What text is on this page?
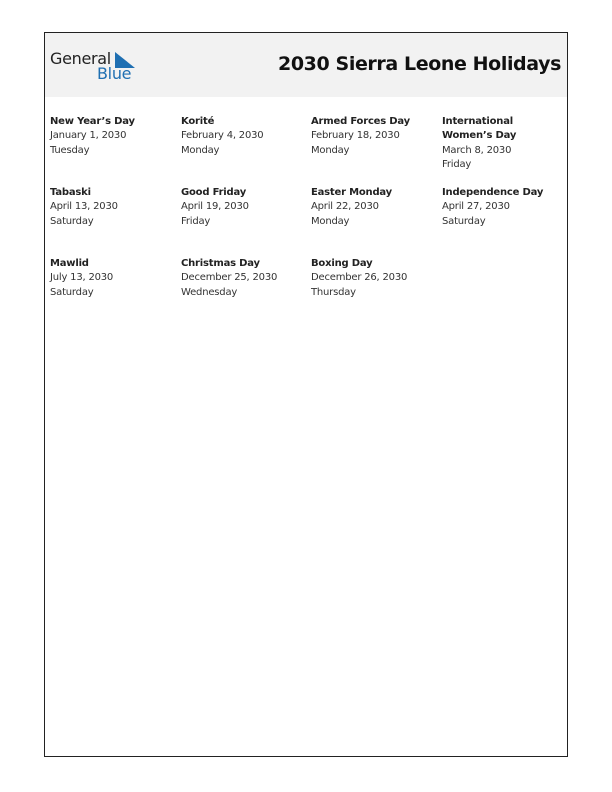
General
Blue	2030 Sierra Leone Holidays
New Year’s Day
January 1, 2030
Tuesday
Korité
February 4, 2030
Monday
Armed Forces Day
February 18, 2030
Monday
International Women’s Day
March 8, 2030
Friday
Tabaski
April 13, 2030
Saturday
Good Friday
April 19, 2030
Friday
Easter Monday
April 22, 2030
Monday
Independence Day
April 27, 2030
Saturday
Mawlid
July 13, 2030
Saturday
Christmas Day
December 25, 2030
Wednesday
Boxing Day
December 26, 2030
Thursday
